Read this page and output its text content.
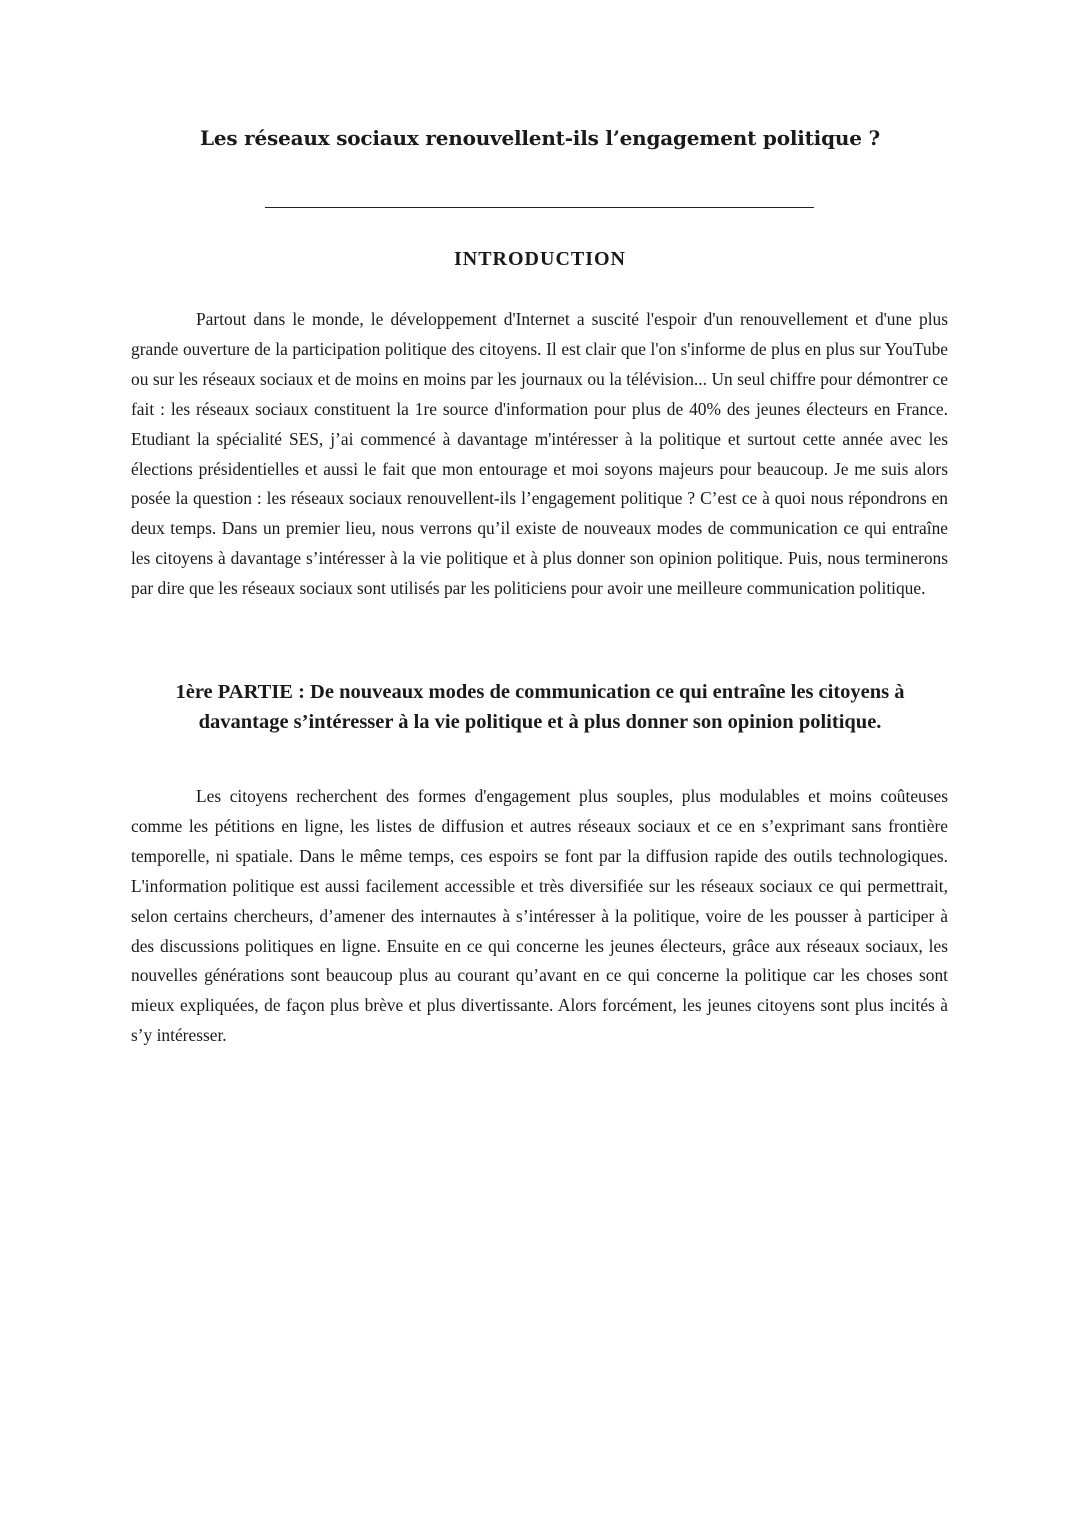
Les réseaux sociaux renouvellent-ils l’engagement politique ?
INTRODUCTION

Partout dans le monde, le développement d'Internet a suscité l'espoir d'un renouvellement et d'une plus grande ouverture de la participation politique des citoyens. Il est clair que l'on s'informe de plus en plus sur YouTube ou sur les réseaux sociaux et de moins en moins par les journaux ou la télévision... Un seul chiffre pour démontrer ce fait : les réseaux sociaux constituent la 1re source d'information pour plus de 40% des jeunes électeurs en France. Etudiant la spécialité SES, j’ai commencé à davantage m'intéresser à la politique et surtout cette année avec les élections présidentielles et aussi le fait que mon entourage et moi soyons majeurs pour beaucoup. Je me suis alors posée la question : les réseaux sociaux renouvellent-ils l’engagement politique ? C’est ce à quoi nous répondrons en deux temps. Dans un premier lieu, nous verrons qu’il existe de nouveaux modes de communication ce qui entraîne les citoyens à davantage s’intéresser à la vie politique et à plus donner son opinion politique. Puis, nous terminerons par dire que les réseaux sociaux sont utilisés par les politiciens pour avoir une meilleure communication politique.

1ère PARTIE : De nouveaux modes de communication ce qui entraîne les citoyens à davantage s’intéresser à la vie politique et à plus donner son opinion politique.

Les citoyens recherchent des formes d'engagement plus souples, plus modulables et moins coûteuses comme les pétitions en ligne, les listes de diffusion et autres réseaux sociaux et ce en s’exprimant sans frontière temporelle, ni spatiale. Dans le même temps, ces espoirs se font par la diffusion rapide des outils technologiques. L'information politique est aussi facilement accessible et très diversifiée sur les réseaux sociaux ce qui permettrait, selon certains chercheurs, d’amener des internautes à s’intéresser à la politique, voire de les pousser à participer à des discussions politiques en ligne. Ensuite en ce qui concerne les jeunes électeurs, grâce aux réseaux sociaux, les nouvelles générations sont beaucoup plus au courant qu’avant en ce qui concerne la politique car les choses sont mieux expliquées, de façon plus brève et plus divertissante. Alors forcément, les jeunes citoyens sont plus incités à s’y intéresser.
